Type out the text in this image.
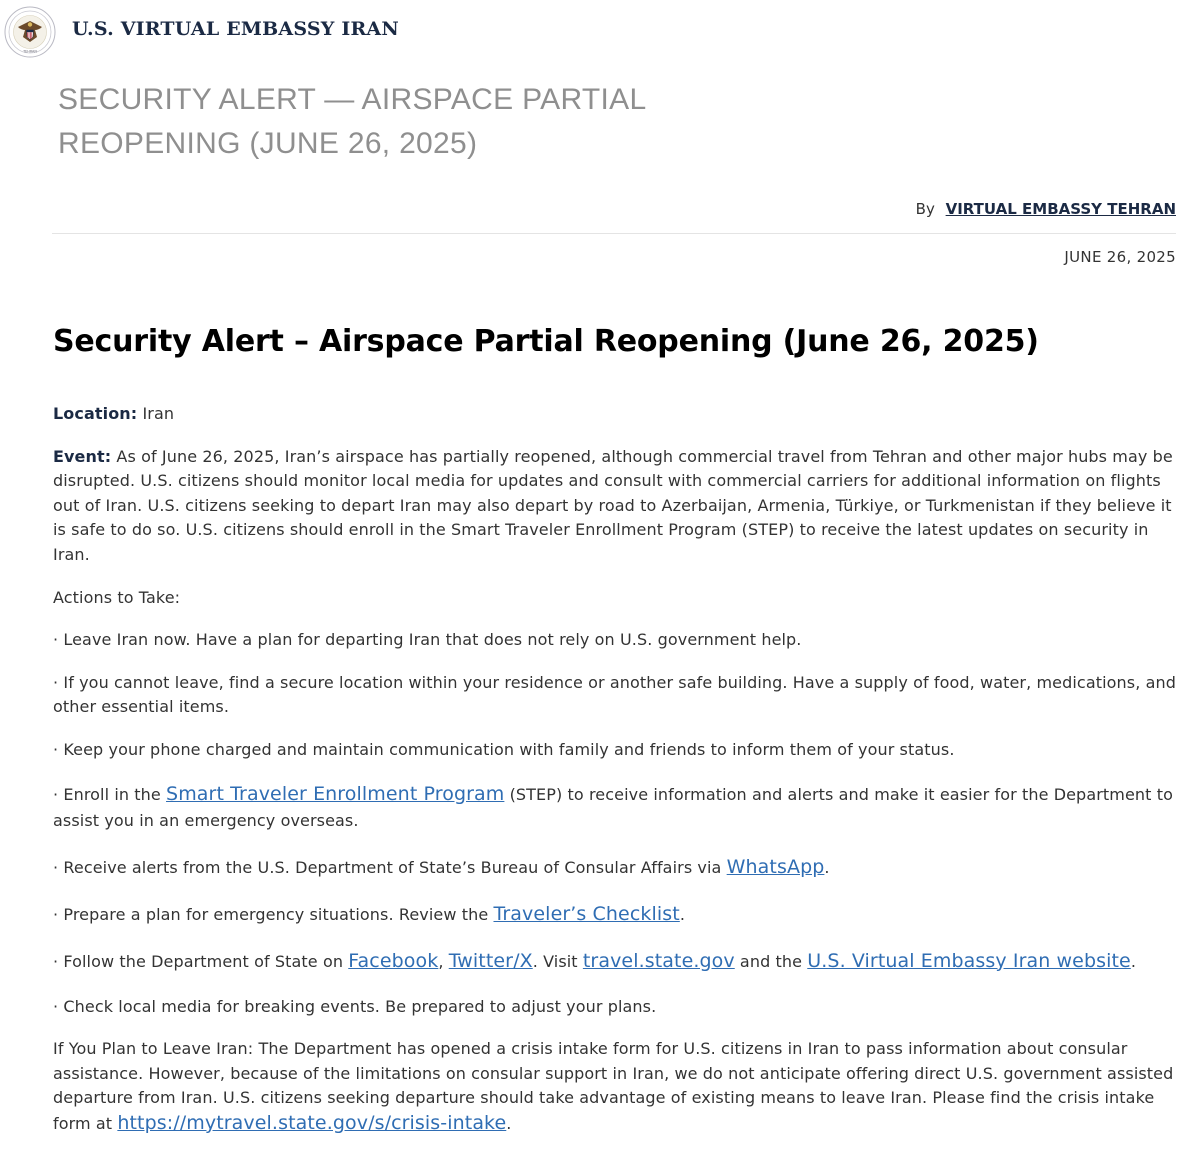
TEHRAN
U.S. VIRTUAL EMBASSY IRAN
SECURITY ALERT — AIRSPACE PARTIAL REOPENING (JUNE 26, 2025)
By VIRTUAL EMBASSY TEHRAN
JUNE 26, 2025
Security Alert – Airspace Partial Reopening (June 26, 2025)

Location: Iran

Event: As of June 26, 2025, Iran’s airspace has partially reopened, although commercial travel from Tehran and other major hubs may be disrupted. U.S. citizens should monitor local media for updates and consult with commercial carriers for additional information on flights out of Iran. U.S. citizens seeking to depart Iran may also depart by road to Azerbaijan, Armenia, Türkiye, or Turkmenistan if they believe it is safe to do so. U.S. citizens should enroll in the Smart Traveler Enrollment Program (STEP) to receive the latest updates on security in Iran.

Actions to Take:

· Leave Iran now. Have a plan for departing Iran that does not rely on U.S. government help.

· If you cannot leave, find a secure location within your residence or another safe building. Have a supply of food, water, medications, and other essential items.

· Keep your phone charged and maintain communication with family and friends to inform them of your status.

· Enroll in the Smart Traveler Enrollment Program (STEP) to receive information and alerts and make it easier for the Department to assist you in an emergency overseas.

· Receive alerts from the U.S. Department of State’s Bureau of Consular Affairs via WhatsApp.

· Prepare a plan for emergency situations. Review the Traveler’s Checklist.

· Follow the Department of State on Facebook, Twitter/X. Visit travel.state.gov and the U.S. Virtual Embassy Iran website.

· Check local media for breaking events. Be prepared to adjust your plans.

If You Plan to Leave Iran: The Department has opened a crisis intake form for U.S. citizens in Iran to pass information about consular assistance. However, because of the limitations on consular support in Iran, we do not anticipate offering direct U.S. government assisted departure from Iran. U.S. citizens seeking departure should take advantage of existing means to leave Iran. Please find the crisis intake form at https://mytravel.state.gov/s/crisis-intake.
